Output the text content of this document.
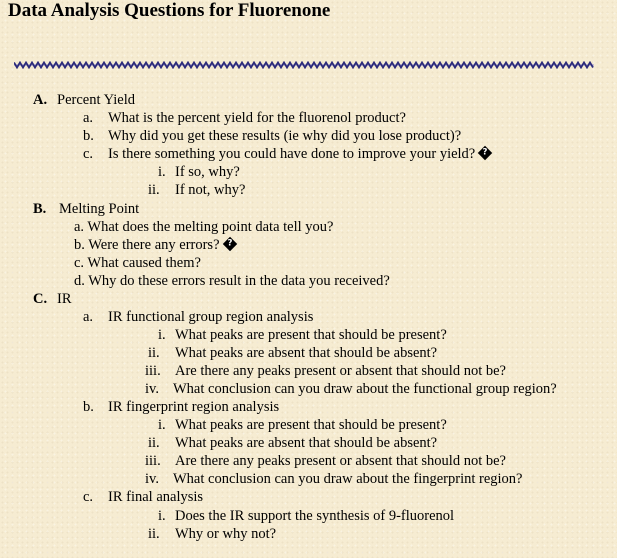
Data Analysis Questions for Fluorenone
A. Percent Yield
a. What is the percent yield for the fluorenol product?
b. Why did you get these results (ie why did you lose product)?
c. Is there something you could have done to improve your yield??
i. If so, why?
ii. If not, why?
B. Melting Point
a. What does the melting point data tell you?
b. Were there any errors??
c. What caused them?
d. Why do these errors result in the data you received?
C. IR
a. IR functional group region analysis
i. What peaks are present that should be present?
ii. What peaks are absent that should be absent?
iii. Are there any peaks present or absent that should not be?
iv. What conclusion can you draw about the functional group region?
b. IR fingerprint region analysis
i. What peaks are present that should be present?
ii. What peaks are absent that should be absent?
iii. Are there any peaks present or absent that should not be?
iv. What conclusion can you draw about the fingerprint region?
c. IR final analysis
i. Does the IR support the synthesis of 9-fluorenol
ii. Why or why not?
